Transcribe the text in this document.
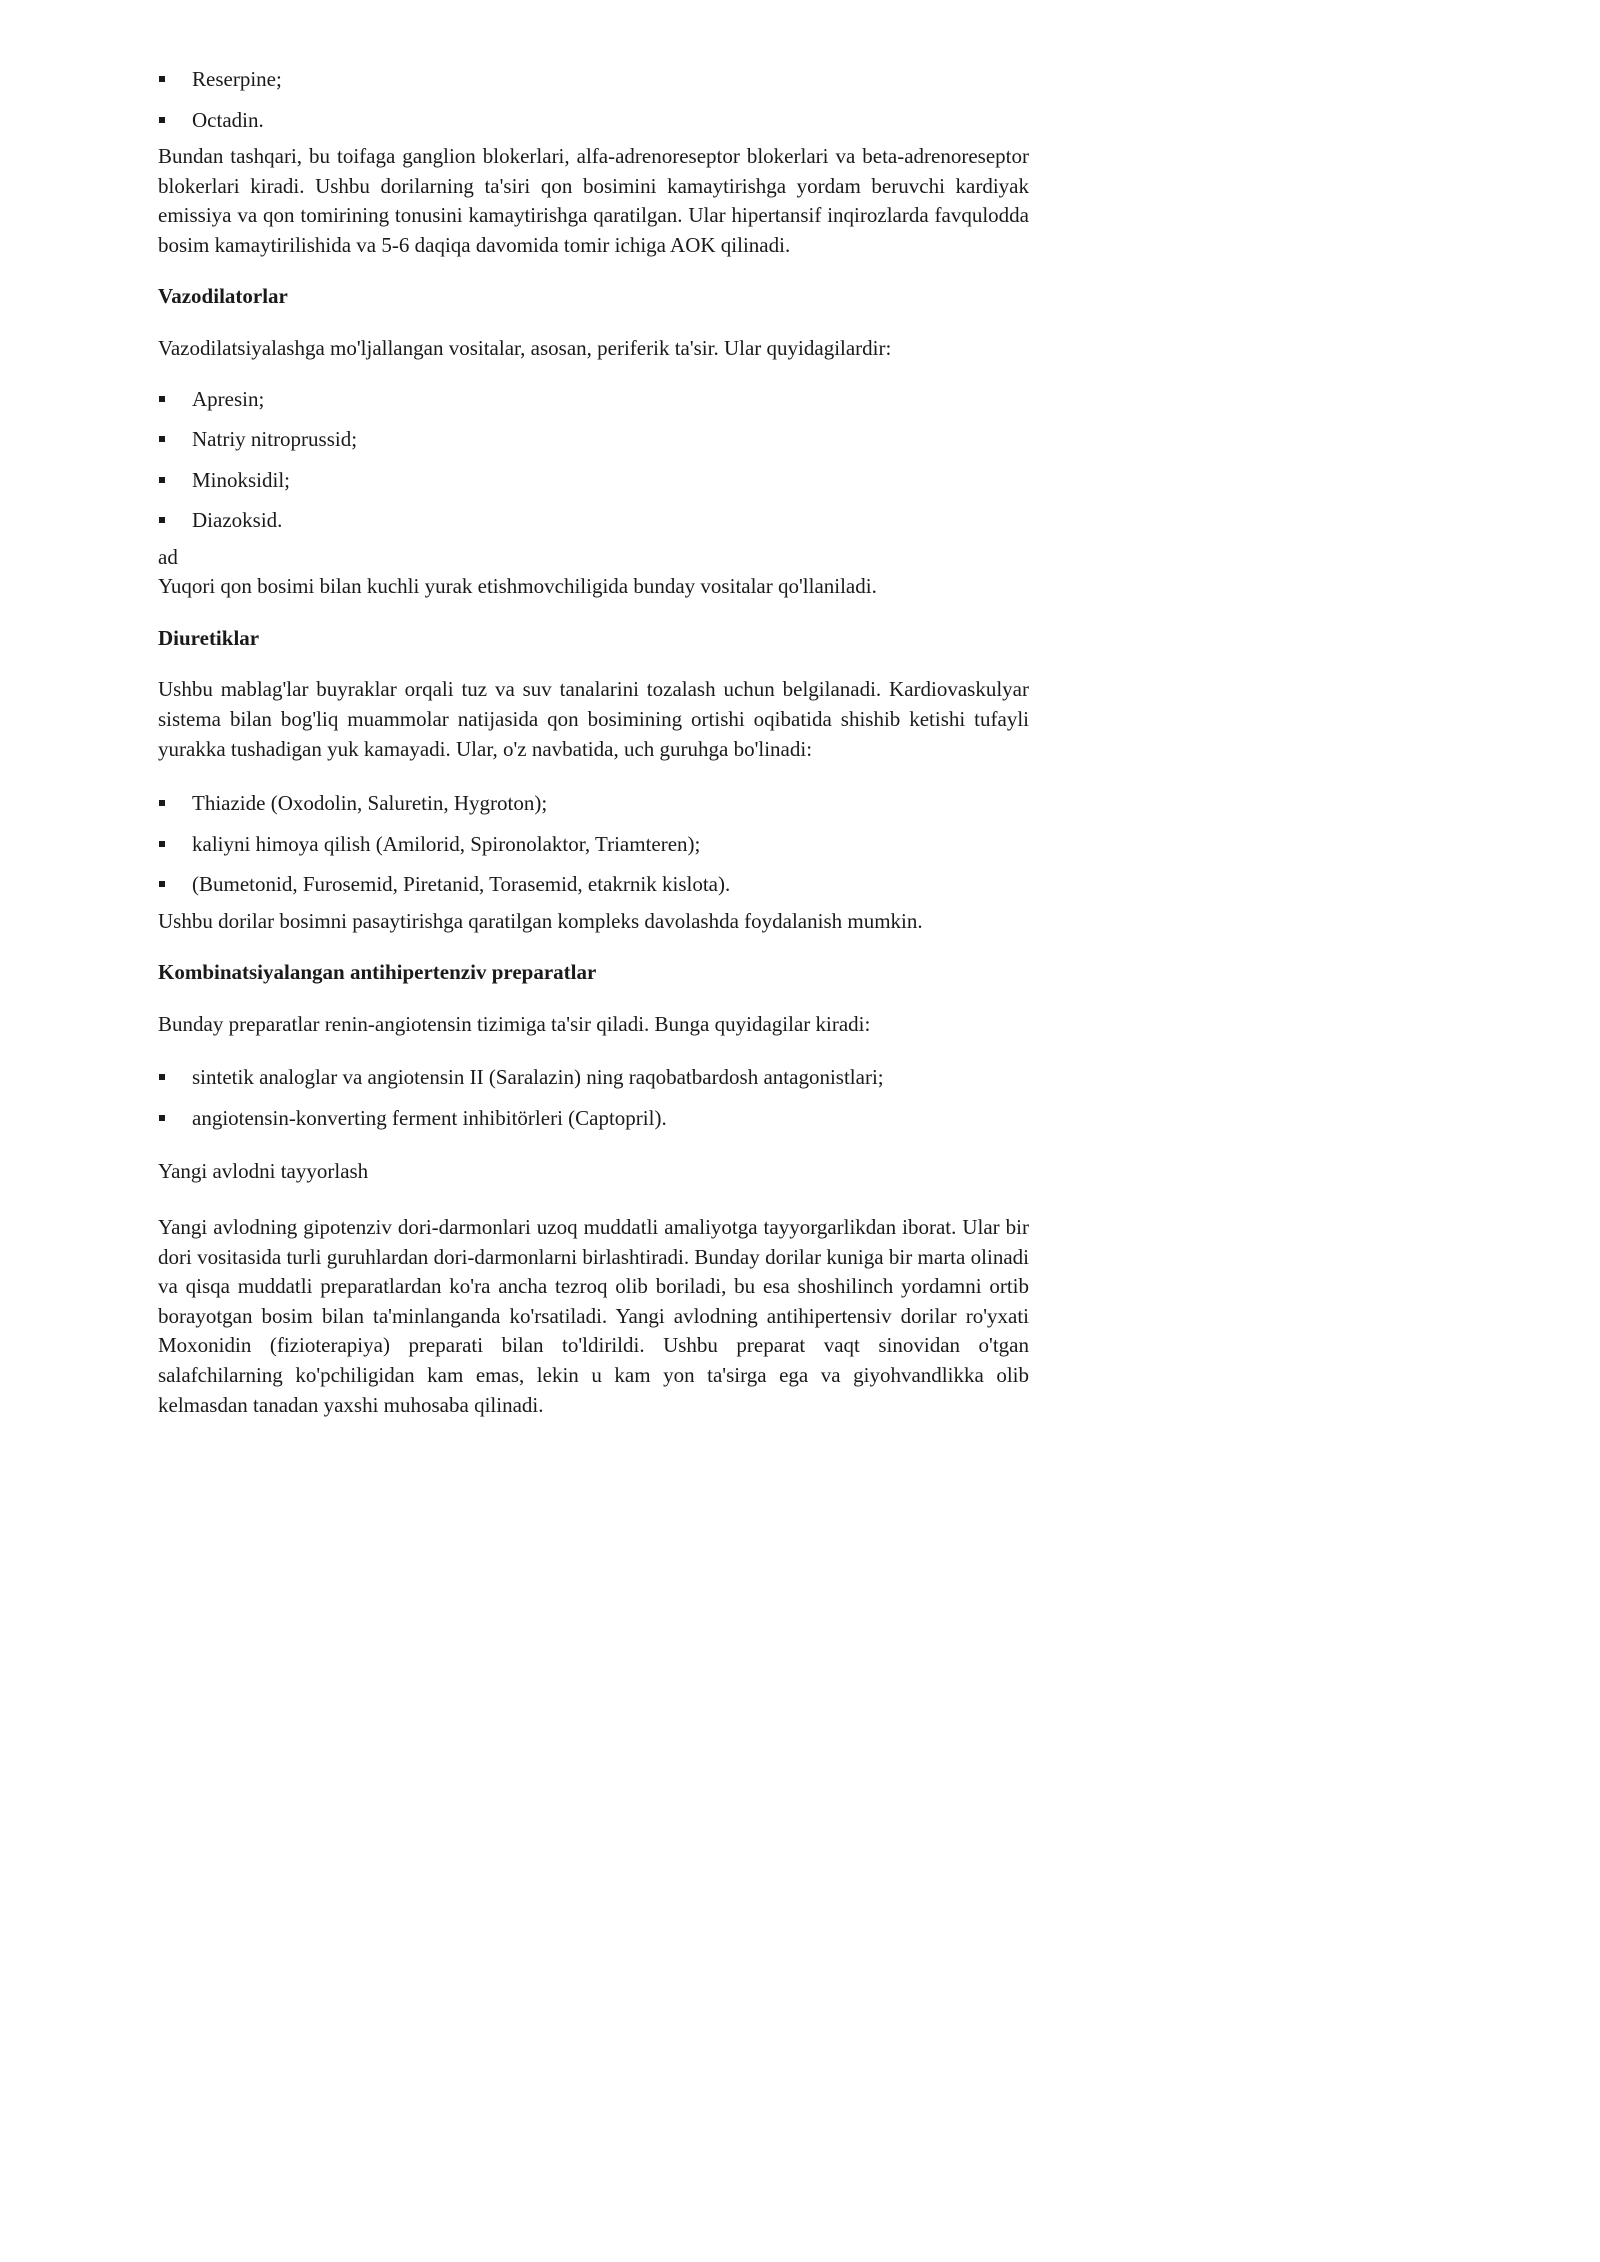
Reserpine;
Octadin.

Bundan tashqari, bu toifaga ganglion blokerlari, alfa-adrenoreseptor blokerlari va beta-adrenoreseptor blokerlari kiradi. Ushbu dorilarning ta'siri qon bosimini kamaytirishga yordam beruvchi kardiyak emissiya va qon tomirining tonusini kamaytirishga qaratilgan. Ular hipertansif inqirozlarda favqulodda bosim kamaytirilishida va 5-6 daqiqa davomida tomir ichiga AOK qilinadi.

Vazodilatorlar

Vazodilatsiyalashga mo'ljallangan vositalar, asosan, periferik ta'sir. Ular quyidagilardir:

Apresin;
Natriy nitroprussid;
Minoksidil;
Diazoksid.

ad

Yuqori qon bosimi bilan kuchli yurak etishmovchiligida bunday vositalar qo'llaniladi.

Diuretiklar

Ushbu mablag'lar buyraklar orqali tuz va suv tanalarini tozalash uchun belgilanadi. Kardiovaskulyar sistema bilan bog'liq muammolar natijasida qon bosimining ortishi oqibatida shishib ketishi tufayli yurakka tushadigan yuk kamayadi. Ular, o'z navbatida, uch guruhga bo'linadi:

Thiazide (Oxodolin, Saluretin, Hygroton);
kaliyni himoya qilish (Amilorid, Spironolaktor, Triamteren);
(Bumetonid, Furosemid, Piretanid, Torasemid, etakrnik kislota).

Ushbu dorilar bosimni pasaytirishga qaratilgan kompleks davolashda foydalanish mumkin.

Kombinatsiyalangan antihipertenziv preparatlar

Bunday preparatlar renin-angiotensin tizimiga ta'sir qiladi. Bunga quyidagilar kiradi:

sintetik analoglar va angiotensin II (Saralazin) ning raqobatbardosh antagonistlari;
angiotensin-konverting ferment inhibitörleri (Captopril).

Yangi avlodni tayyorlash

Yangi avlodning gipotenziv dori-darmonlari uzoq muddatli amaliyotga tayyorgarlikdan iborat. Ular bir dori vositasida turli guruhlardan dori-darmonlarni birlashtiradi. Bunday dorilar kuniga bir marta olinadi va qisqa muddatli preparatlardan ko'ra ancha tezroq olib boriladi, bu esa shoshilinch yordamni ortib borayotgan bosim bilan ta'minlanganda ko'rsatiladi. Yangi avlodning antihipertensiv dorilar ro'yxati Moxonidin (fizioterapiya) preparati bilan to'ldirildi. Ushbu preparat vaqt sinovidan o'tgan salafchilarning ko'pchiligidan kam emas, lekin u kam yon ta'sirga ega va giyohvandlikka olib kelmasdan tanadan yaxshi muhosaba qilinadi.
